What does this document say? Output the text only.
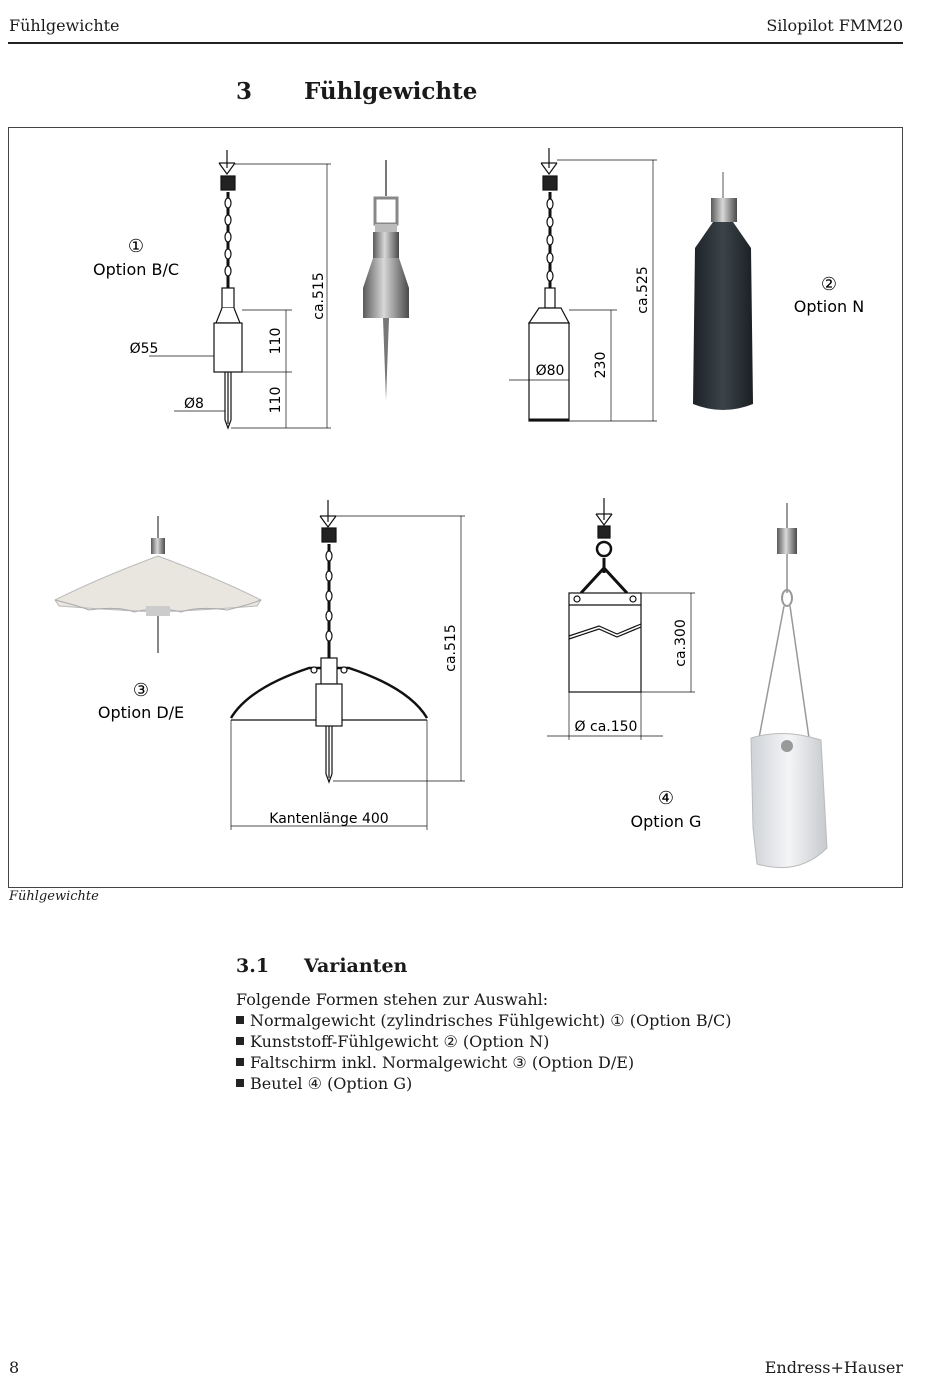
Fühlgewichte	Silopilot FMM20
3 Fühlgewichte
Ø55
Ø8
110
110
ca.515
①
Option B/C
Ø80 230
ca.525	②
Option N
③
Option D/E
Kantenlänge 400
ca.515
Ø ca.150
ca.300
④
Option G
Fühlgewichte
3.1 Varianten
Folgende Formen stehen zur Auswahl:
Normalgewicht (zylindrisches Fühlgewicht) ① (Option B/C)
Kunststoff-Fühlgewicht ② (Option N)
Faltschirm inkl. Normalgewicht ③ (Option D/E)
Beutel ④ (Option G)
8	Endress+Hauser
